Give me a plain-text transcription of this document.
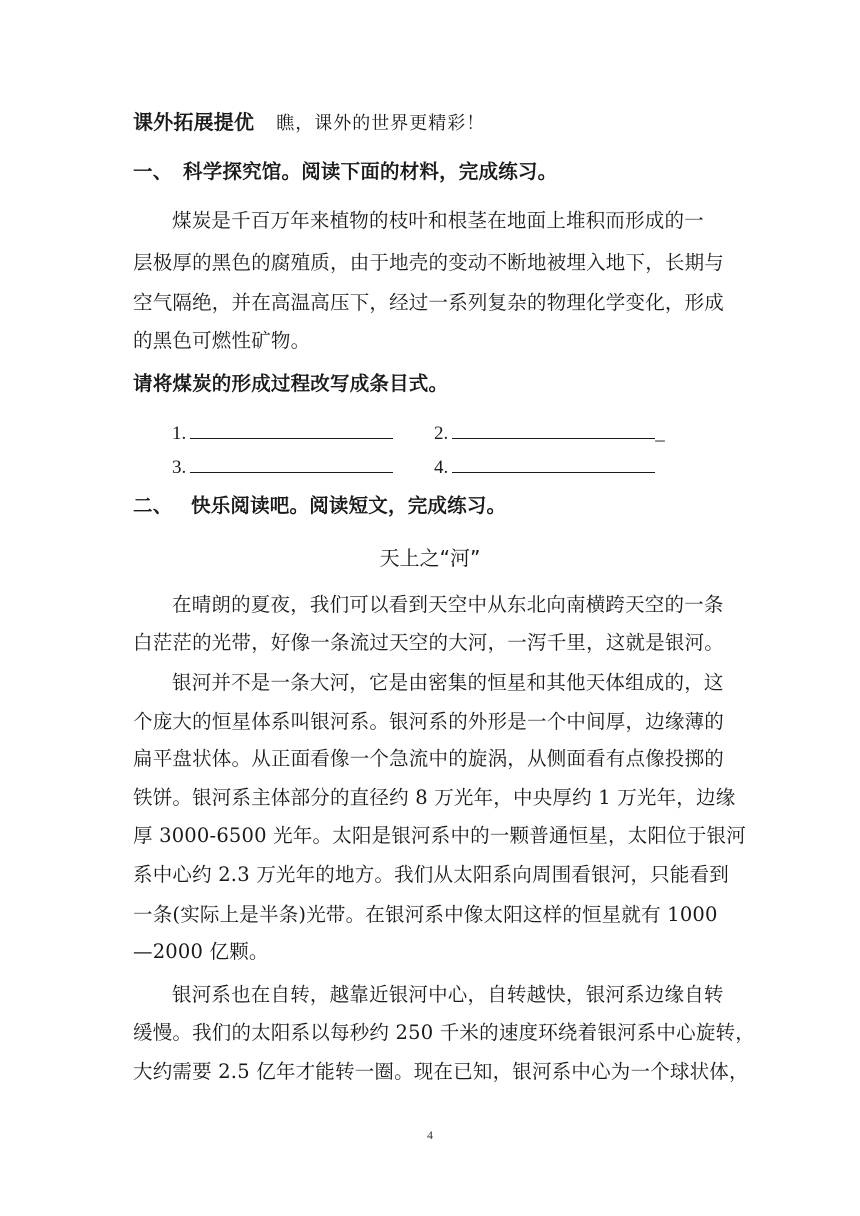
课外拓展提优 瞧，课外的世界更精彩！
一、 科学探究馆。阅读下面的材料，完成练习。
煤炭是千百万年来植物的枝叶和根茎在地面上堆积而形成的一
层极厚的黑色的腐殖质，由于地壳的变动不断地被埋入地下，长期与
空气隔绝，并在高温高压下，经过一系列复杂的物理化学变化，形成
的黑色可燃性矿物。
请将煤炭的形成过程改写成条目式。
1.	2.	_
3.	4.
二、 快乐阅读吧。阅读短文，完成练习。
天上之“河”
在晴朗的夏夜，我们可以看到天空中从东北向南横跨天空的一条
白茫茫的光带，好像一条流过天空的大河，一泻千里，这就是银河。
银河并不是一条大河，它是由密集的恒星和其他天体组成的，这
个庞大的恒星体系叫银河系。银河系的外形是一个中间厚，边缘薄的
扁平盘状体。从正面看像一个急流中的旋涡，从侧面看有点像投掷的
铁饼。银河系主体部分的直径约 8 万光年，中央厚约 1 万光年，边缘
厚 3000-6500 光年。太阳是银河系中的一颗普通恒星，太阳位于银河
系中心约 2.3 万光年的地方。我们从太阳系向周围看银河，只能看到
一条(实际上是半条)光带。在银河系中像太阳这样的恒星就有 1000
—2000 亿颗。
银河系也在自转，越靠近银河中心，自转越快，银河系边缘自转
缓慢。我们的太阳系以每秒约 250 千米的速度环绕着银河系中心旋转，
大约需要 2.5 亿年才能转一圈。现在已知，银河系中心为一个球状体，
4
